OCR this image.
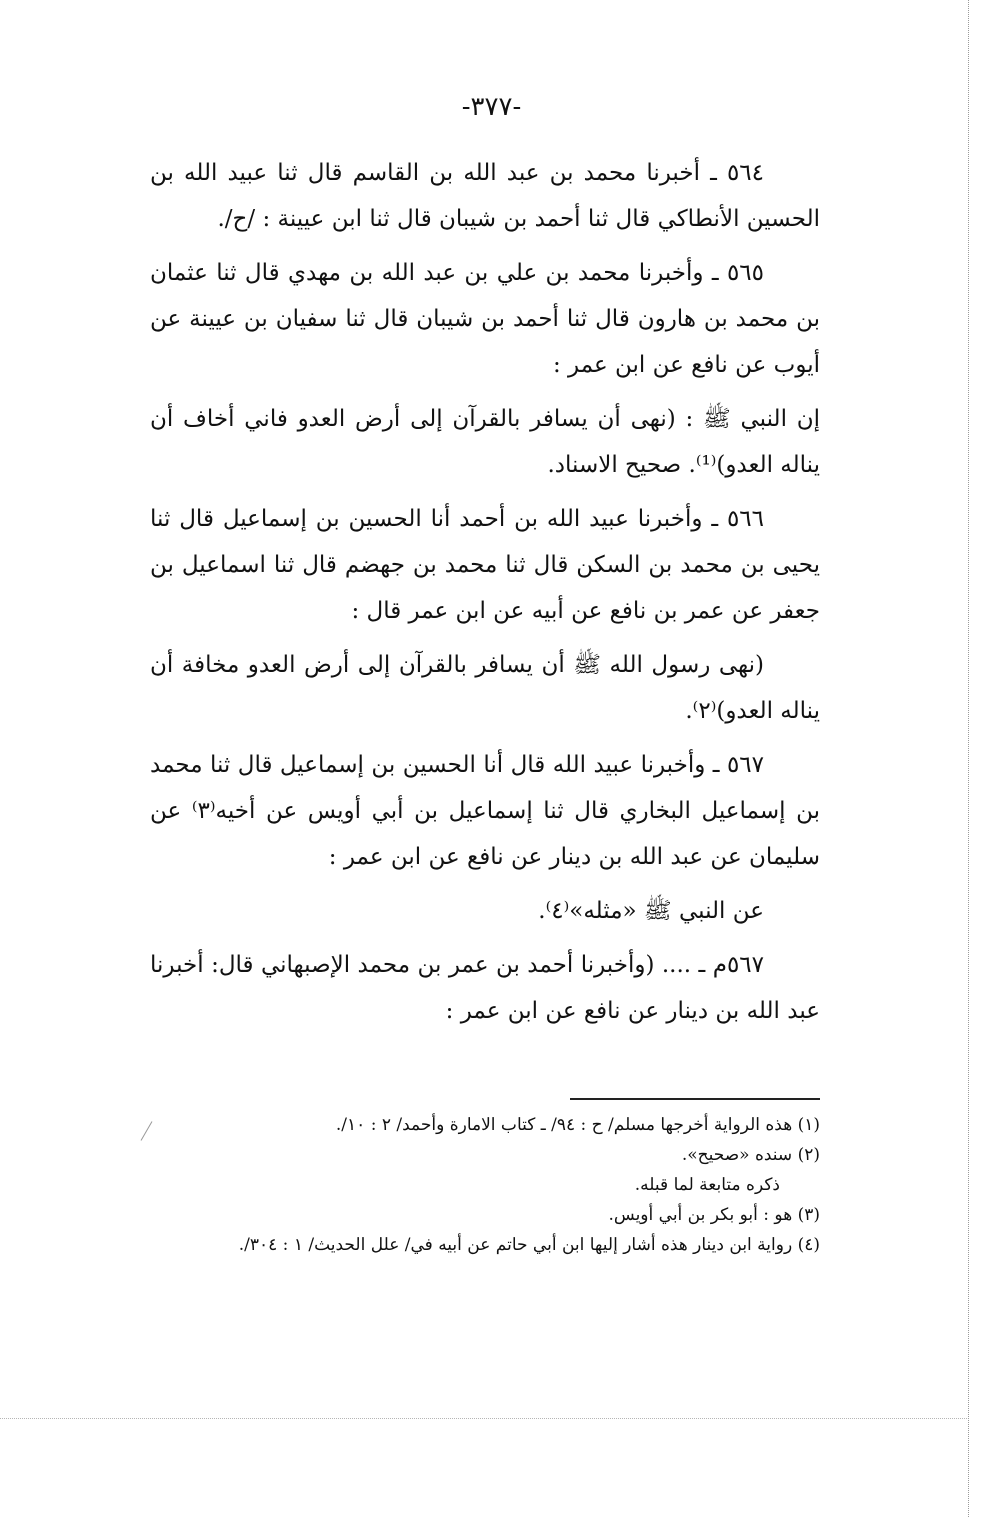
-٣٧٧-

٥٦٤ ـ أخبرنا محمد بن عبد الله بن القاسم قال ثنا عبيد الله بن الحسين الأنطاكي قال ثنا أحمد بن شيبان قال ثنا ابن عيينة : /ح/.

٥٦٥ ـ وأخبرنا محمد بن علي بن عبد الله بن مهدي قال ثنا عثمان بن محمد بن هارون قال ثنا أحمد بن شيبان قال ثنا سفيان بن عيينة عن أيوب عن نافع عن ابن عمر :

إن النبي ﷺ : (نهى أن يسافر بالقرآن إلى أرض العدو فاني أخاف أن يناله العدو)⁽¹⁾. صحيح الاسناد.

٥٦٦ ـ وأخبرنا عبيد الله بن أحمد أنا الحسين بن إسماعيل قال ثنا يحيى بن محمد بن السكن قال ثنا محمد بن جهضم قال ثنا اسماعيل بن جعفر عن عمر بن نافع عن أبيه عن ابن عمر قال :

(نهى رسول الله ﷺ أن يسافر بالقرآن إلى أرض العدو مخافة أن يناله العدو)⁽٢⁾.

٥٦٧ ـ وأخبرنا عبيد الله قال أنا الحسين بن إسماعيل قال ثنا محمد بن إسماعيل البخاري قال ثنا إسماعيل بن أبي أويس عن أخيه⁽٣⁾ عن سليمان عن عبد الله بن دينار عن نافع عن ابن عمر :

عن النبي ﷺ «مثله»⁽٤⁾.

٥٦٧م ـ .... (وأخبرنا أحمد بن عمر بن محمد الإصبهاني قال: أخبرنا عبد الله بن دينار عن نافع عن ابن عمر :

(١) هذه الرواية أخرجها مسلم/ ح : ٩٤/ ـ كتاب الامارة وأحمد/ ٢ : ١٠/.

(٢) سنده «صحيح».

ذكره متابعة لما قبله.

(٣) هو : أبو بكر بن أبي أويس.

(٤) رواية ابن دينار هذه أشار إليها ابن أبي حاتم عن أبيه في/ علل الحديث/ ١ : ٣٠٤/.
